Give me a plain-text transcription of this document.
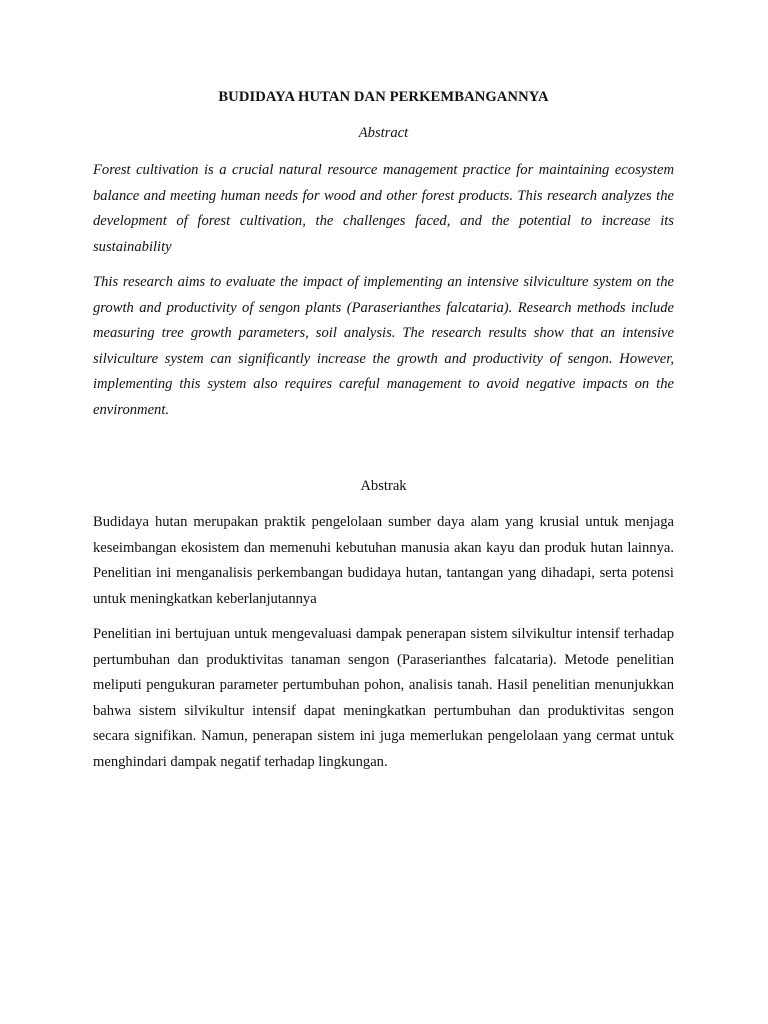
BUDIDAYA HUTAN DAN PERKEMBANGANNYA
Abstract

Forest cultivation is a crucial natural resource management practice for maintaining ecosystem balance and meeting human needs for wood and other forest products. This research analyzes the development of forest cultivation, the challenges faced, and the potential to increase its sustainability

This research aims to evaluate the impact of implementing an intensive silviculture system on the growth and productivity of sengon plants (Paraserianthes falcataria). Research methods include measuring tree growth parameters, soil analysis. The research results show that an intensive silviculture system can significantly increase the growth and productivity of sengon. However, implementing this system also requires careful management to avoid negative impacts on the environment.

Abstrak

Budidaya hutan merupakan praktik pengelolaan sumber daya alam yang krusial untuk menjaga keseimbangan ekosistem dan memenuhi kebutuhan manusia akan kayu dan produk hutan lainnya. Penelitian ini menganalisis perkembangan budidaya hutan, tantangan yang dihadapi, serta potensi untuk meningkatkan keberlanjutannya

Penelitian ini bertujuan untuk mengevaluasi dampak penerapan sistem silvikultur intensif terhadap pertumbuhan dan produktivitas tanaman sengon (Paraserianthes falcataria). Metode penelitian meliputi pengukuran parameter pertumbuhan pohon, analisis tanah. Hasil penelitian menunjukkan bahwa sistem silvikultur intensif dapat meningkatkan pertumbuhan dan produktivitas sengon secara signifikan. Namun, penerapan sistem ini juga memerlukan pengelolaan yang cermat untuk menghindari dampak negatif terhadap lingkungan.
